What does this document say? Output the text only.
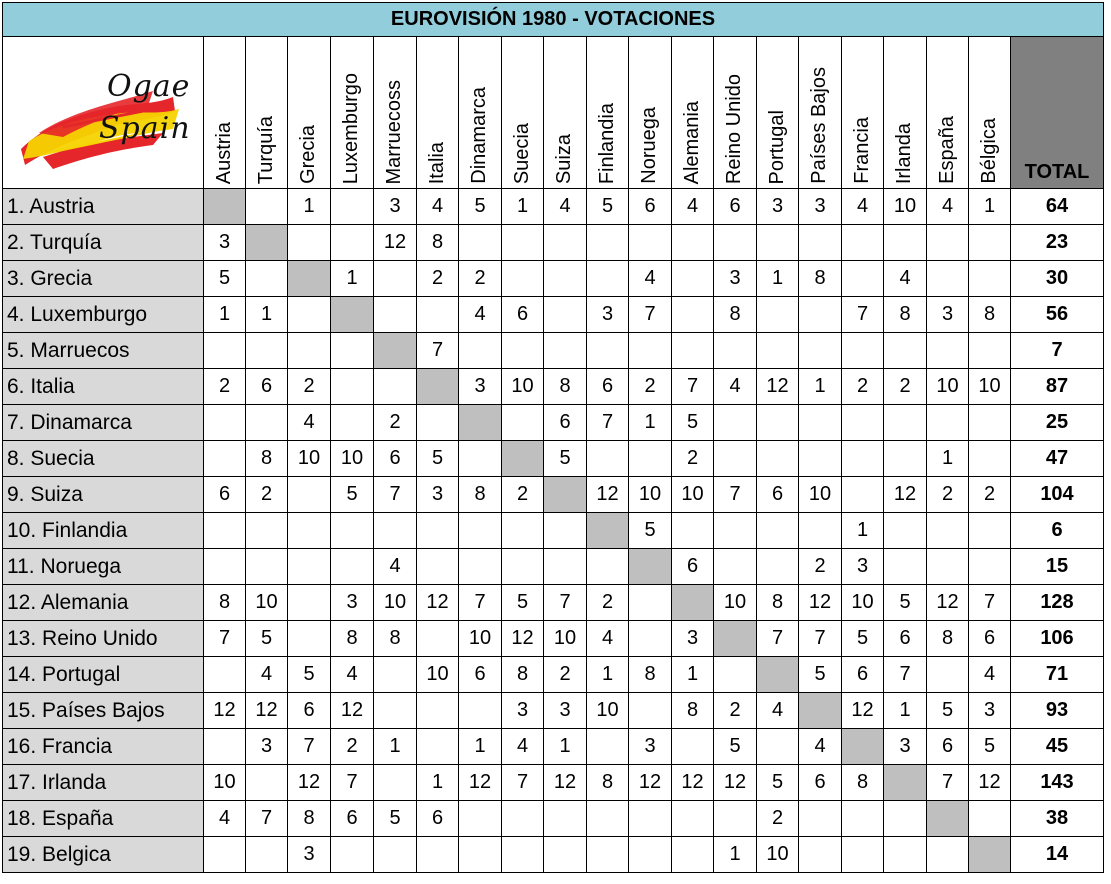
EUROVISIÓN 1980 - VOTACIONES																				

Ogae
Spain	Austria	Turquía	Grecia	Luxemburgo	Marruecoss	Italia	Dinamarca	Suecia	Suiza	Finlandia	Noruega	Alemania	Reino Unido	Portugal	Países Bajos	Francia	Irlanda	España	Bélgica	TOTAL
1. Austria			1		3	4	5	1	4	5	6	4	6	3	3	4	10	4	1	64
2. Turquía	3				12	8														23
3. Grecia	5			1		2	2				4		3	1	8		4			30
4. Luxemburgo	1	1					4	6		3	7		8			7	8	3	8	56
5. Marruecos						7														7
6. Italia	2	6	2				3	10	8	6	2	7	4	12	1	2	2	10	10	87
7. Dinamarca			4		2				6	7	1	5								25
8. Suecia		8	10	10	6	5			5			2						1		47
9. Suiza	6	2		5	7	3	8	2		12	10	10	7	6	10		12	2	2	104
10. Finlandia											5					1				6
11. Noruega					4							6			2	3				15
12. Alemania	8	10		3	10	12	7	5	7	2			10	8	12	10	5	12	7	128
13. Reino Unido	7	5		8	8		10	12	10	4		3		7	7	5	6	8	6	106
14. Portugal		4	5	4		10	6	8	2	1	8	1			5	6	7		4	71
15. Países Bajos	12	12	6	12				3	3	10		8	2	4		12	1	5	3	93
16. Francia		3	7	2	1		1	4	1		3		5		4		3	6	5	45
17. Irlanda	10		12	7		1	12	7	12	8	12	12	12	5	6	8		7	12	143
18. España	4	7	8	6	5	6								2						38
19. Belgica			3										1	10						14
